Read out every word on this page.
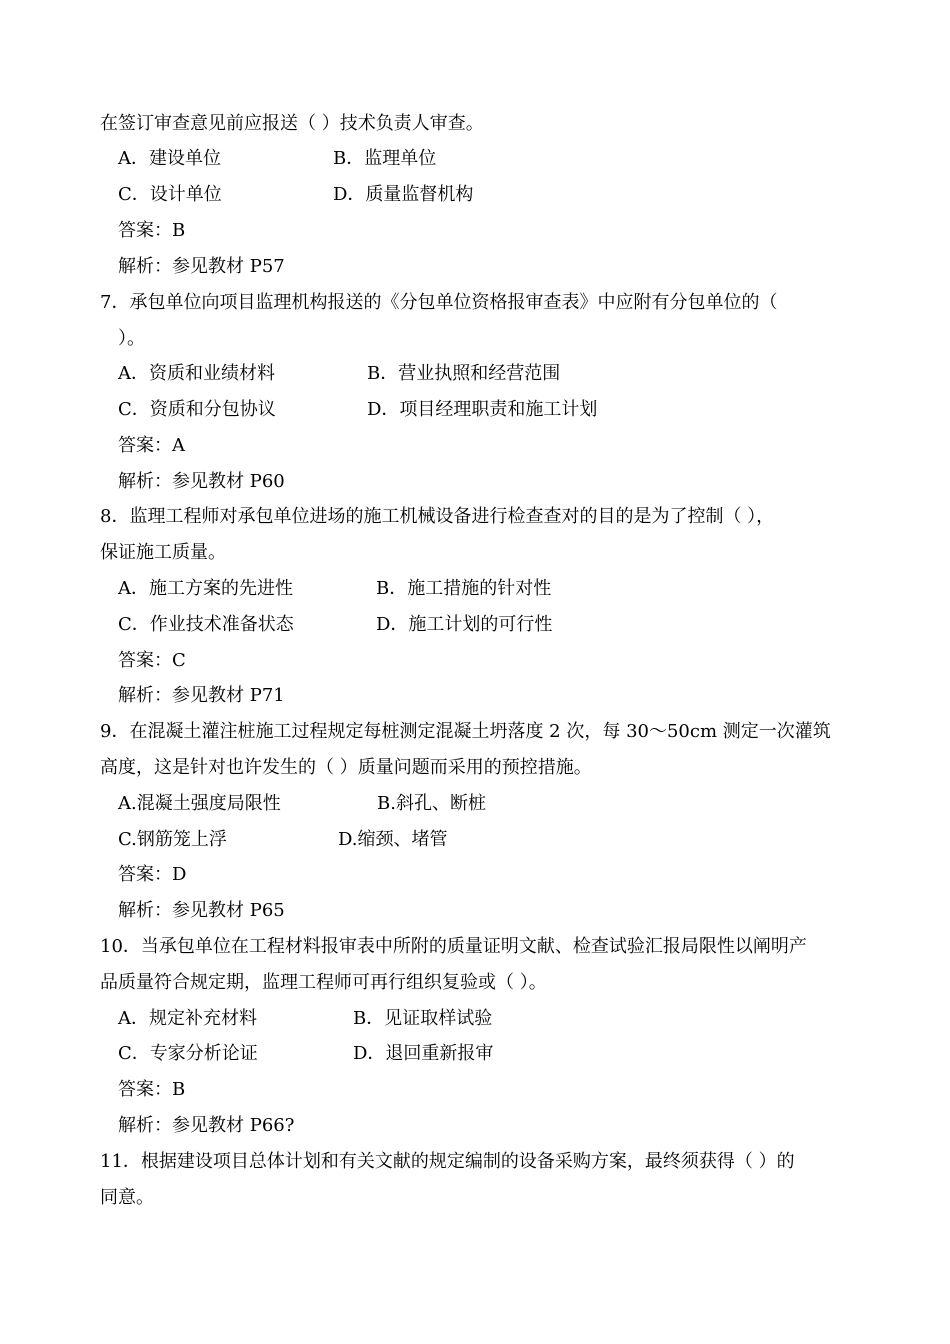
在签订审查意见前应报送（ ）技术负责人审查。
A．建设单位	B．监理单位
C．设计单位	D．质量监督机构
答案：B
解析：参见教材 P57
7．承包单位向项目监理机构报送的《分包单位资格报审查表》中应附有分包单位的（
）。
A．资质和业绩材料	B．营业执照和经营范围
C．资质和分包协议	D．项目经理职责和施工计划
答案：A
解析：参见教材 P60
8．监理工程师对承包单位进场的施工机械设备进行检查查对的目的是为了控制（ ），
保证施工质量。
A．施工方案的先进性	B．施工措施的针对性
C．作业技术准备状态	D．施工计划的可行性
答案：C
解析：参见教材 P71
9．在混凝土灌注桩施工过程规定每桩测定混凝土坍落度 2 次，每 30～50cm 测定一次灌筑
高度，这是针对也许发生的（ ）质量问题而采用的预控措施。
A.混凝土强度局限性	B.斜孔、断桩
C.钢筋笼上浮	D.缩颈、堵管
答案：D
解析：参见教材 P65
10．当承包单位在工程材料报审表中所附的质量证明文献、检查试验汇报局限性以阐明产
品质量符合规定期，监理工程师可再行组织复验或（ ）。
A．规定补充材料	B．见证取样试验
C．专家分析论证	D．退回重新报审
答案：B
解析：参见教材 P66?
11．根据建设项目总体计划和有关文献的规定编制的设备采购方案，最终须获得（ ）的
同意。
